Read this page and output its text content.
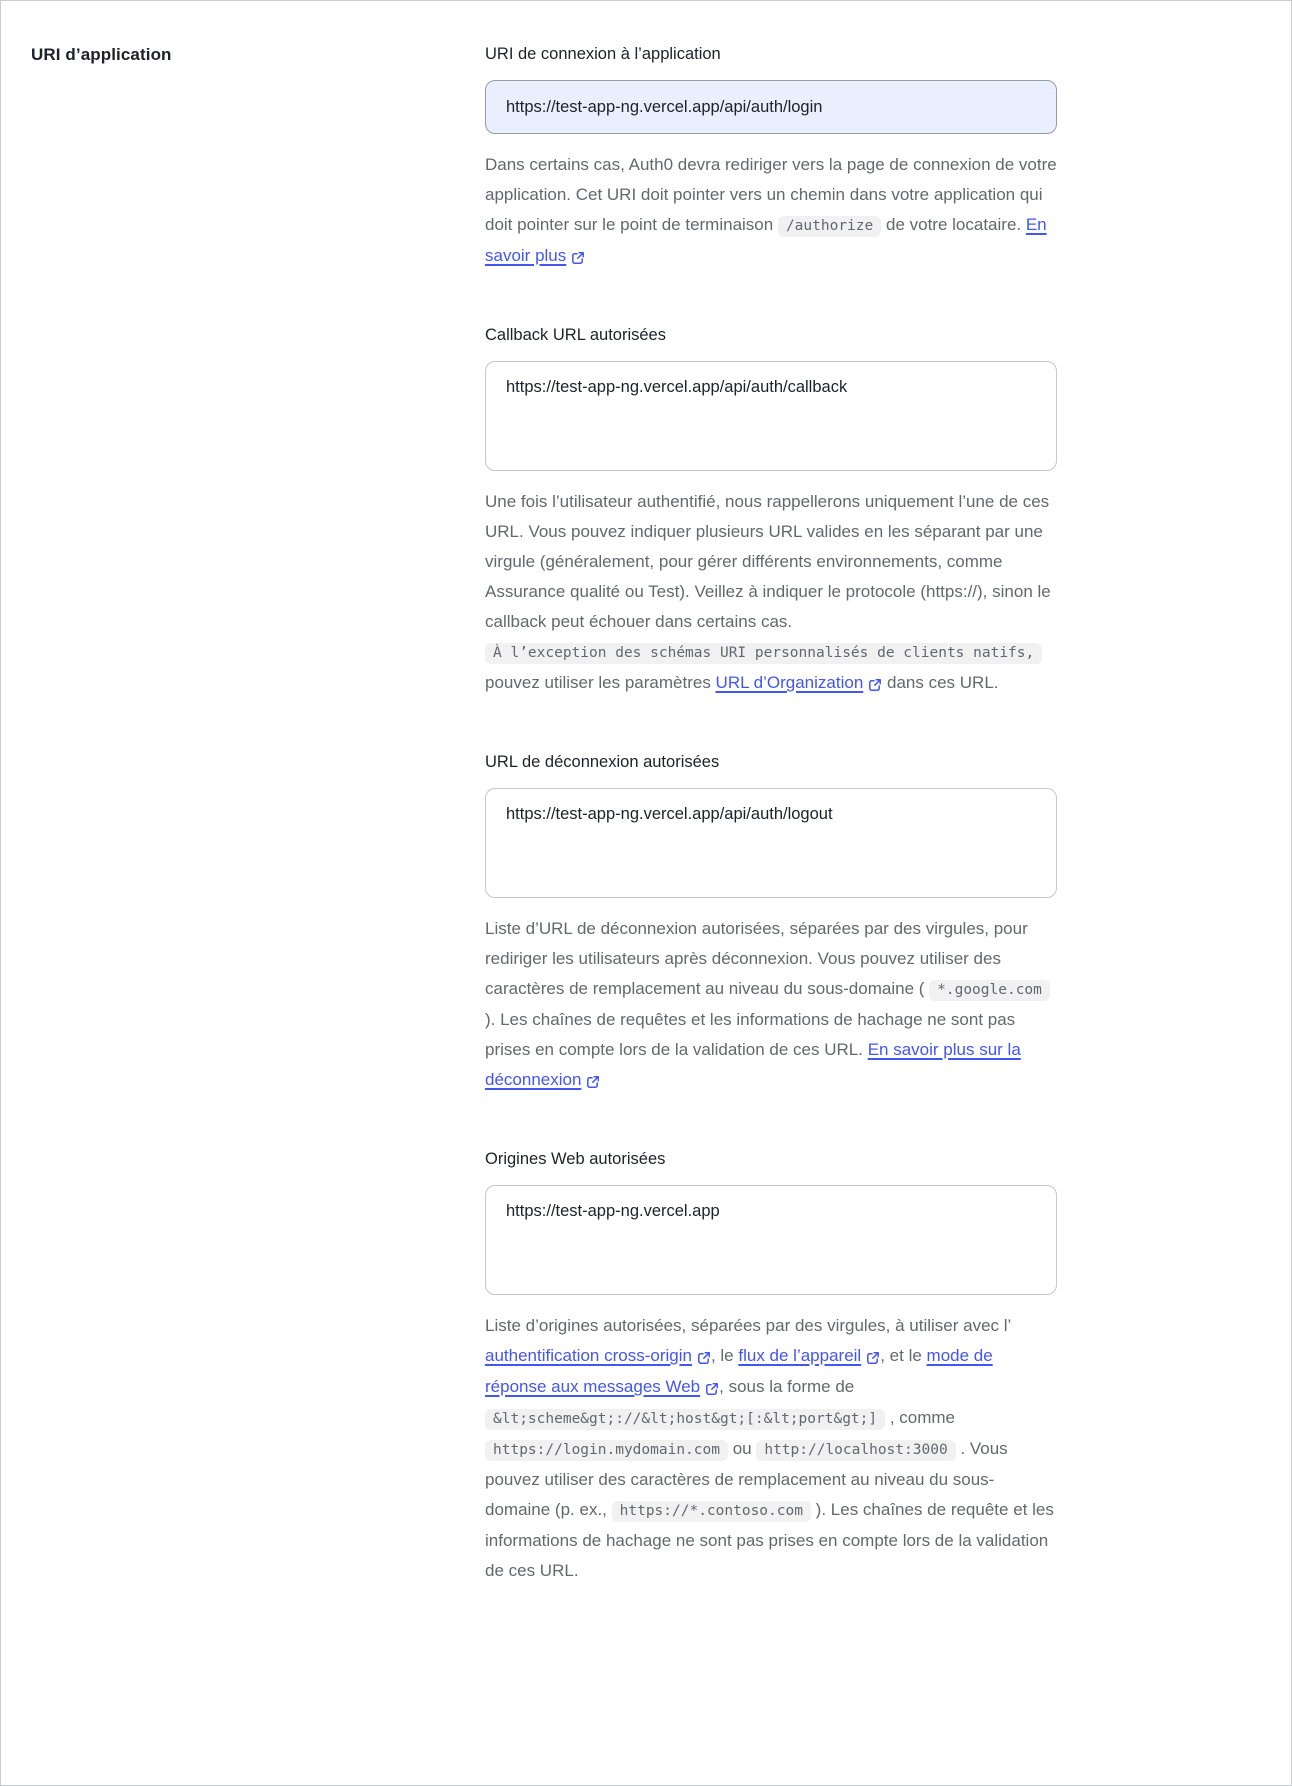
URI d’application	URI de connexion à l’application
https://test-app-ng.vercel.app/api/auth/login

Dans certains cas, Auth0 devra rediriger vers la page de connexion de votre application. Cet URI doit pointer vers un chemin dans votre application qui doit pointer sur le point de terminaison /authorize de votre locataire. En savoir plus

Callback URL autorisées
https://test-app-ng.vercel.app/api/auth/callback

Une fois l’utilisateur authentifié, nous rappellerons uniquement l’une de ces URL. Vous pouvez indiquer plusieurs URL valides en les séparant par une virgule (généralement, pour gérer différents environnements, comme Assurance qualité ou Test). Veillez à indiquer le protocole (https://), sinon le callback peut échouer dans certains cas. À l’exception des schémas URI personnalisés de clients natifs, pouvez utiliser les paramètres URL d’Organization dans ces URL.

URL de déconnexion autorisées
https://test-app-ng.vercel.app/api/auth/logout

Liste d’URL de déconnexion autorisées, séparées par des virgules, pour rediriger les utilisateurs après déconnexion. Vous pouvez utiliser des caractères de remplacement au niveau du sous-domaine ( *.google.com ). Les chaînes de requêtes et les informations de hachage ne sont pas prises en compte lors de la validation de ces URL. En savoir plus sur la déconnexion

Origines Web autorisées
https://test-app-ng.vercel.app

Liste d’origines autorisées, séparées par des virgules, à utiliser avec l’ authentification cross-origin , le flux de l’appareil , et le mode de réponse aux messages Web , sous la forme de &lt;scheme&gt;://&lt;host&gt;[:&lt;port&gt;] , comme https://login.mydomain.com ou http://localhost:3000 . Vous pouvez utiliser des caractères de remplacement au niveau du sous-domaine (p. ex., https://*.contoso.com ). Les chaînes de requête et les informations de hachage ne sont pas prises en compte lors de la validation de ces URL.
